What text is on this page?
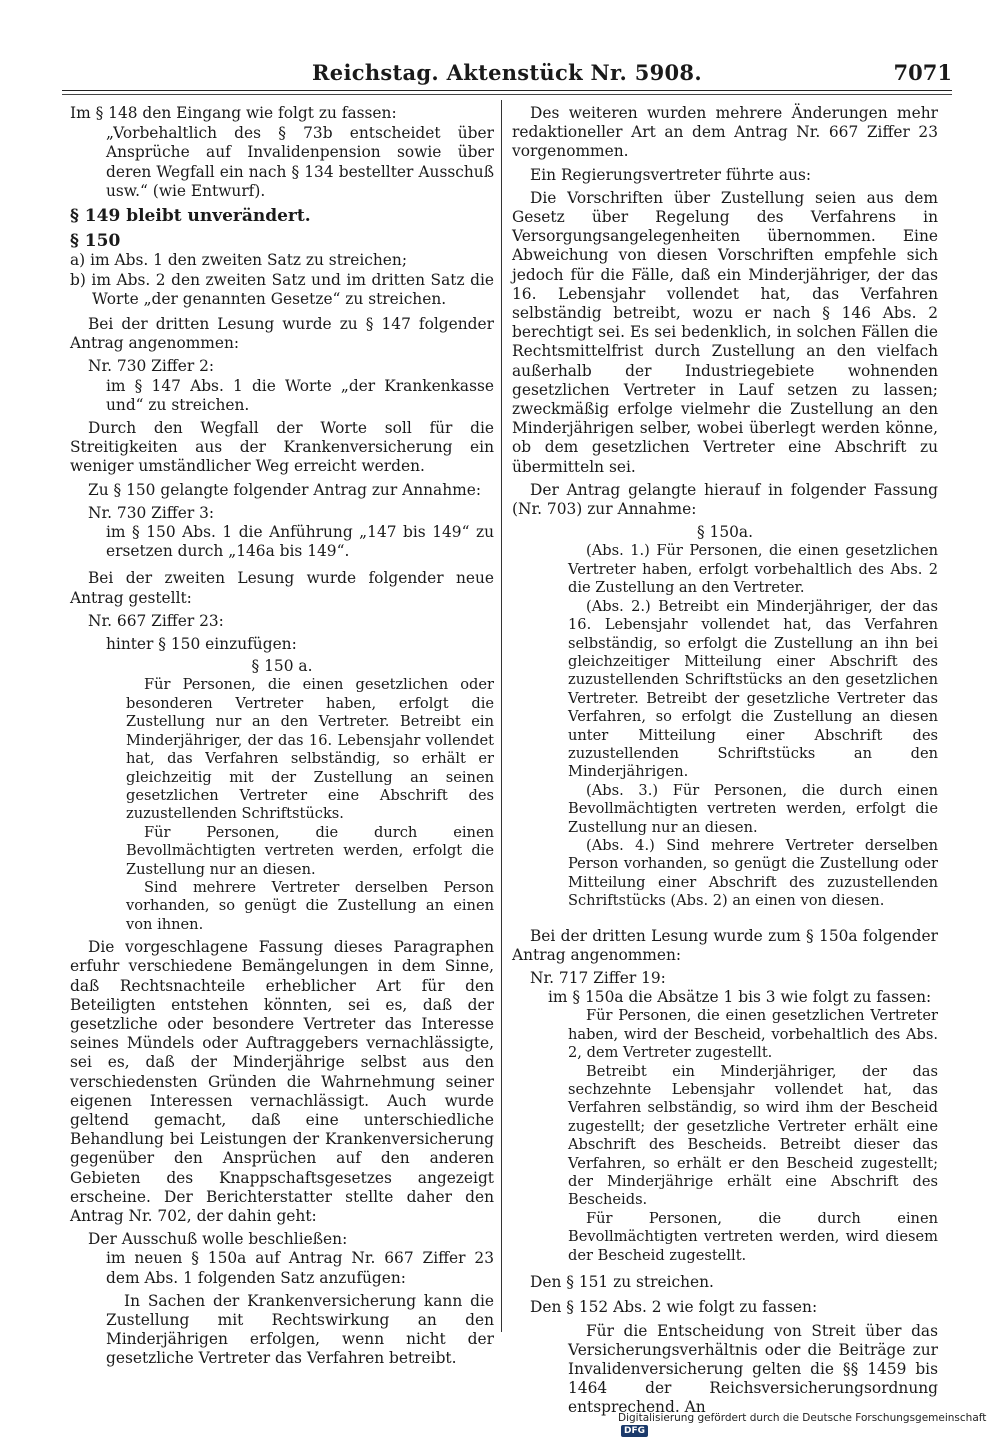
Reichstag. Aktenstück Nr. 5908.	7071

Im § 148 den Eingang wie folgt zu fassen:

„Vorbehaltlich des § 73b entscheidet über Ansprüche auf Invalidenpension sowie über deren Wegfall ein nach § 134 bestellter Ausschuß usw.“ (wie Entwurf).

§ 149 bleibt unverändert.

§ 150

a) im Abs. 1 den zweiten Satz zu streichen;

b) im Abs. 2 den zweiten Satz und im dritten Satz die Worte „der genannten Gesetze“ zu streichen.

Bei der dritten Lesung wurde zu § 147 folgender Antrag angenommen:

Nr. 730 Ziffer 2:

im § 147 Abs. 1 die Worte „der Krankenkasse und“ zu streichen.

Durch den Wegfall der Worte soll für die Streitigkeiten aus der Krankenversicherung ein weniger umständlicher Weg erreicht werden.

Zu § 150 gelangte folgender Antrag zur Annahme:

Nr. 730 Ziffer 3:

im § 150 Abs. 1 die Anführung „147 bis 149“ zu ersetzen durch „146a bis 149“.

Bei der zweiten Lesung wurde folgender neue Antrag gestellt:

Nr. 667 Ziffer 23:

hinter § 150 einzufügen:

§ 150 a.

Für Personen, die einen gesetzlichen oder besonderen Vertreter haben, erfolgt die Zustellung nur an den Vertreter. Betreibt ein Minderjähriger, der das 16. Lebensjahr vollendet hat, das Verfahren selbständig, so erhält er gleichzeitig mit der Zustellung an seinen gesetzlichen Vertreter eine Abschrift des zuzustellenden Schriftstücks.

Für Personen, die durch einen Bevollmächtigten vertreten werden, erfolgt die Zustellung nur an diesen.

Sind mehrere Vertreter derselben Person vorhanden, so genügt die Zustellung an einen von ihnen.

Die vorgeschlagene Fassung dieses Paragraphen erfuhr verschiedene Bemängelungen in dem Sinne, daß Rechtsnachteile erheblicher Art für den Beteiligten entstehen könnten, sei es, daß der gesetzliche oder besondere Vertreter das Interesse seines Mündels oder Auftraggebers vernachlässigte, sei es, daß der Minderjährige selbst aus den verschiedensten Gründen die Wahrnehmung seiner eigenen Interessen vernachlässigt. Auch wurde geltend gemacht, daß eine unterschiedliche Behandlung bei Leistungen der Krankenversicherung gegenüber den Ansprüchen auf den anderen Gebieten des Knappschaftsgesetzes angezeigt erscheine. Der Berichterstatter stellte daher den Antrag Nr. 702, der dahin geht:

Der Ausschuß wolle beschließen:

im neuen § 150a auf Antrag Nr. 667 Ziffer 23 dem Abs. 1 folgenden Satz anzufügen:

In Sachen der Krankenversicherung kann die Zustellung mit Rechtswirkung an den Minderjährigen erfolgen, wenn nicht der gesetzliche Vertreter das Verfahren betreibt.

Des weiteren wurden mehrere Änderungen mehr redaktioneller Art an dem Antrag Nr. 667 Ziffer 23 vorgenommen.

Ein Regierungsvertreter führte aus:

Die Vorschriften über Zustellung seien aus dem Gesetz über Regelung des Verfahrens in Versorgungsangelegenheiten übernommen. Eine Abweichung von diesen Vorschriften empfehle sich jedoch für die Fälle, daß ein Minderjähriger, der das 16. Lebensjahr vollendet hat, das Verfahren selbständig betreibt, wozu er nach § 146 Abs. 2 berechtigt sei. Es sei bedenklich, in solchen Fällen die Rechtsmittelfrist durch Zustellung an den vielfach außerhalb der Industriegebiete wohnenden gesetzlichen Vertreter in Lauf setzen zu lassen; zweckmäßig erfolge vielmehr die Zustellung an den Minderjährigen selber, wobei überlegt werden könne, ob dem gesetzlichen Vertreter eine Abschrift zu übermitteln sei.

Der Antrag gelangte hierauf in folgender Fassung (Nr. 703) zur Annahme:

§ 150a.

(Abs. 1.) Für Personen, die einen gesetzlichen Vertreter haben, erfolgt vorbehaltlich des Abs. 2 die Zustellung an den Vertreter.

(Abs. 2.) Betreibt ein Minderjähriger, der das 16. Lebensjahr vollendet hat, das Verfahren selbständig, so erfolgt die Zustellung an ihn bei gleichzeitiger Mitteilung einer Abschrift des zuzustellenden Schriftstücks an den gesetzlichen Vertreter. Betreibt der gesetzliche Vertreter das Verfahren, so erfolgt die Zustellung an diesen unter Mitteilung einer Abschrift des zuzustellenden Schriftstücks an den Minderjährigen.

(Abs. 3.) Für Personen, die durch einen Bevollmächtigten vertreten werden, erfolgt die Zustellung nur an diesen.

(Abs. 4.) Sind mehrere Vertreter derselben Person vorhanden, so genügt die Zustellung oder Mitteilung einer Abschrift des zuzustellenden Schriftstücks (Abs. 2) an einen von diesen.

Bei der dritten Lesung wurde zum § 150a folgender Antrag angenommen:

Nr. 717 Ziffer 19:

im § 150a die Absätze 1 bis 3 wie folgt zu fassen:

Für Personen, die einen gesetzlichen Vertreter haben, wird der Bescheid, vorbehaltlich des Abs. 2, dem Vertreter zugestellt.

Betreibt ein Minderjähriger, der das sechzehnte Lebensjahr vollendet hat, das Verfahren selbständig, so wird ihm der Bescheid zugestellt; der gesetzliche Vertreter erhält eine Abschrift des Bescheids. Betreibt dieser das Verfahren, so erhält er den Bescheid zugestellt; der Minderjährige erhält eine Abschrift des Bescheids.

Für Personen, die durch einen Bevollmächtigten vertreten werden, wird diesem der Bescheid zugestellt.

Den § 151 zu streichen.

Den § 152 Abs. 2 wie folgt zu fassen:

Für die Entscheidung von Streit über das Versicherungsverhältnis oder die Beiträge zur Invalidenversicherung gelten die §§ 1459 bis 1464 der Reichsversicherungsordnung entsprechend. An

Digitalisierung gefördert durch die Deutsche Forschungsgemeinschaft DFG
